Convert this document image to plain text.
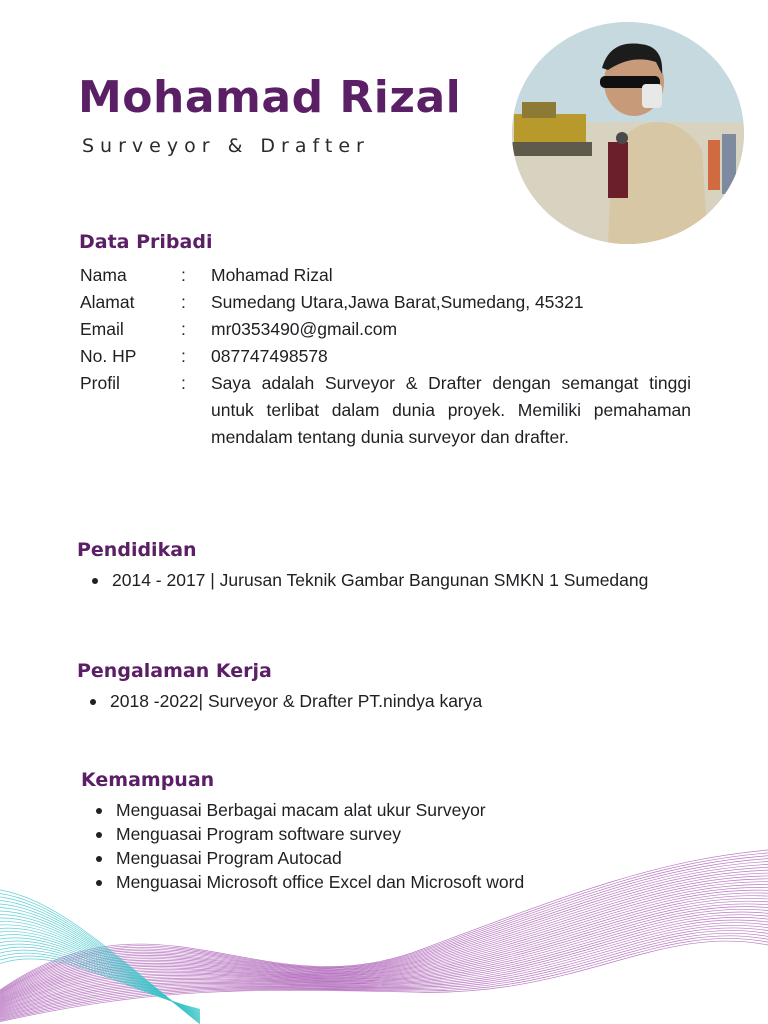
Mohamad Rizal
Surveyor & Drafter
Data Pribadi
Nama	: Mohamad Rizal
Alamat	: Sumedang Utara,Jawa Barat,Sumedang, 45321
Email	: mr0353490@gmail.com
No. HP	: 087747498578
Profil	: Saya adalah Surveyor & Drafter dengan semangat tinggi untuk terlibat dalam dunia proyek. Memiliki pemahaman mendalam tentang dunia surveyor dan drafter.
Pendidikan
2014 - 2017 | Jurusan Teknik Gambar Bangunan SMKN 1 Sumedang
Pengalaman Kerja
2018 -2022| Surveyor & Drafter PT.nindya karya
Kemampuan
Menguasai Berbagai macam alat ukur Surveyor
Menguasai Program software survey
Menguasai Program Autocad
Menguasai Microsoft office Excel dan Microsoft word
